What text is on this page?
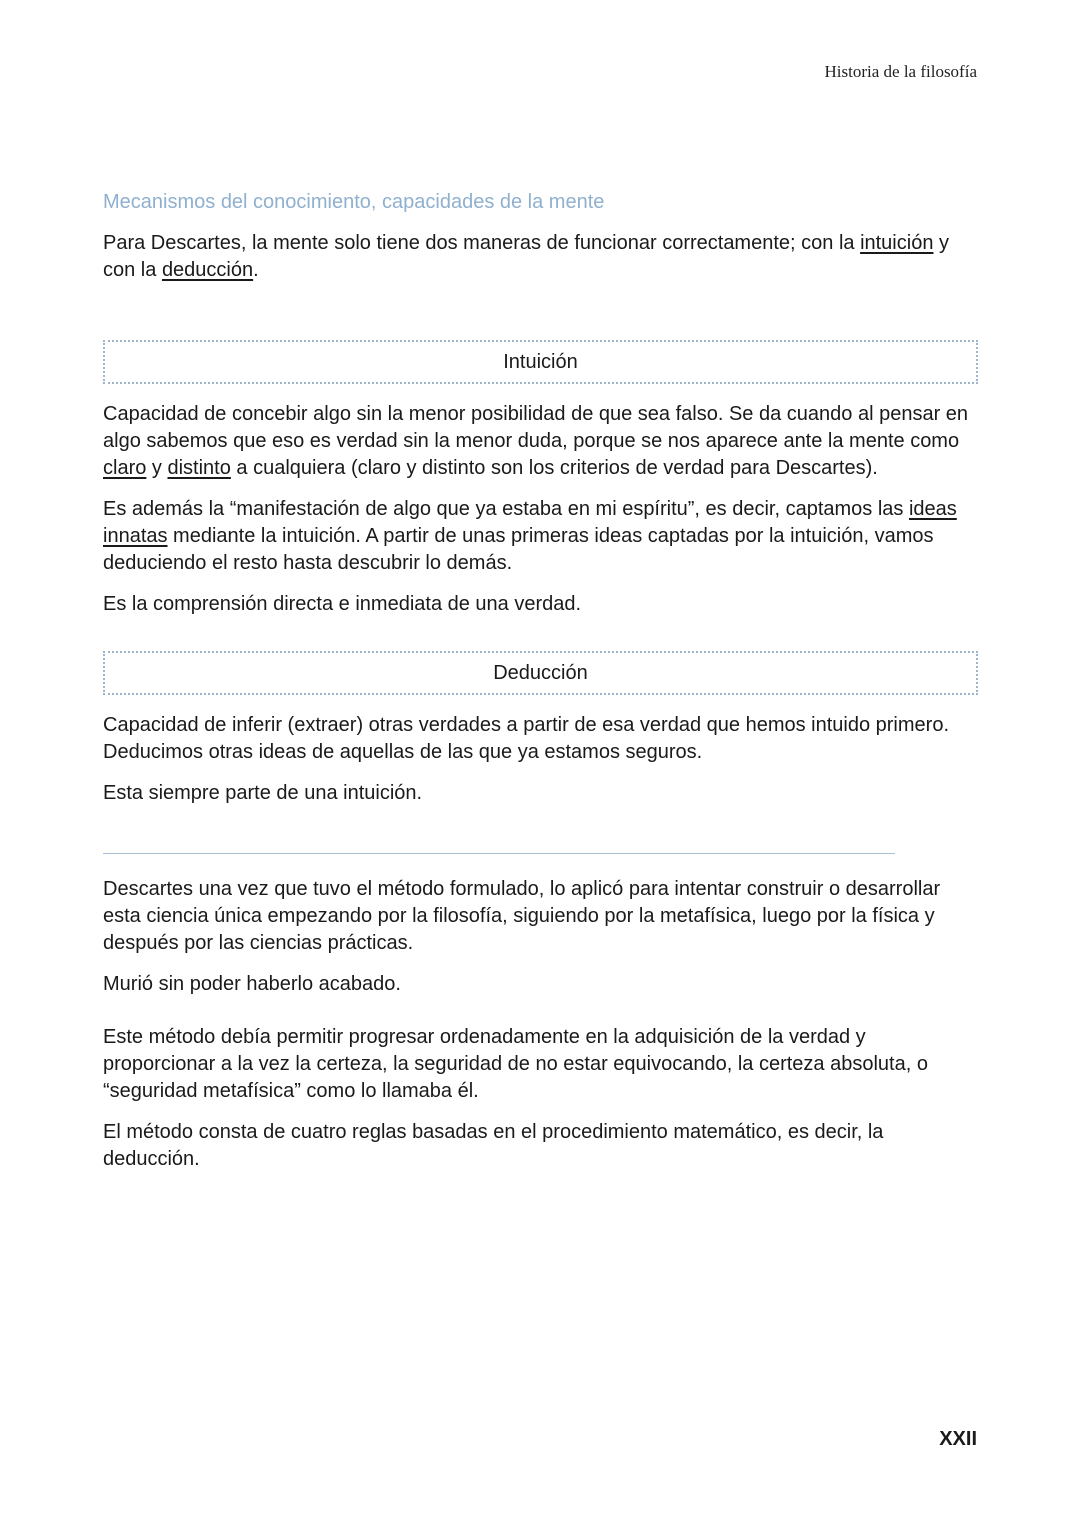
Historia de la filosofía
Mecanismos del conocimiento, capacidades de la mente

Para Descartes, la mente solo tiene dos maneras de funcionar correctamente; con la intuición y con la deducción.

Intuición

Capacidad de concebir algo sin la menor posibilidad de que sea falso. Se da cuando al pensar en algo sabemos que eso es verdad sin la menor duda, porque se nos aparece ante la mente como claro y distinto a cualquiera (claro y distinto son los criterios de verdad para Descartes).

Es además la “manifestación de algo que ya estaba en mi espíritu”, es decir, captamos las ideas innatas mediante la intuición. A partir de unas primeras ideas captadas por la intuición, vamos deduciendo el resto hasta descubrir lo demás.

Es la comprensión directa e inmediata de una verdad.

Deducción

Capacidad de inferir (extraer) otras verdades a partir de esa verdad que hemos intuido primero. Deducimos otras ideas de aquellas de las que ya estamos seguros.

Esta siempre parte de una intuición.

Descartes una vez que tuvo el método formulado, lo aplicó para intentar construir o desarrollar esta ciencia única empezando por la filosofía, siguiendo por la metafísica, luego por la física y después por las ciencias prácticas.

Murió sin poder haberlo acabado.

Este método debía permitir progresar ordenadamente en la adquisición de la verdad y proporcionar a la vez la certeza, la seguridad de no estar equivocando, la certeza absoluta, o “seguridad metafísica” como lo llamaba él.

El método consta de cuatro reglas basadas en el procedimiento matemático, es decir, la deducción.

XXII
